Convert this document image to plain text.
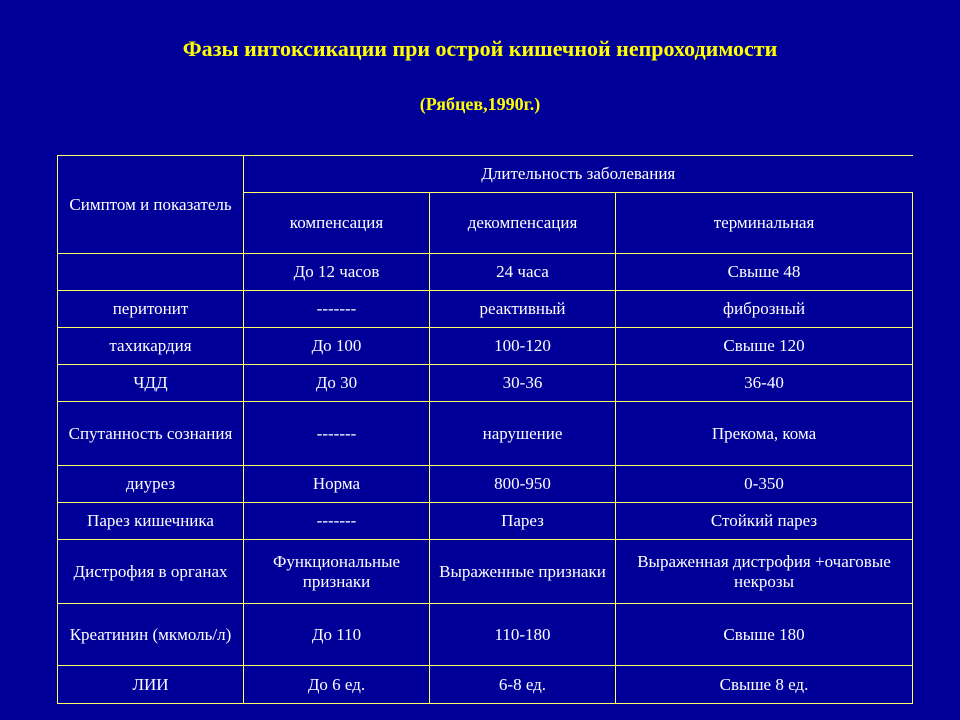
Фазы интоксикации при острой кишечной непроходимости
(Рябцев,1990г.)
Симптом и показатель	Длительность заболевания		
	компенсация	декомпенсация	терминальная
	До 12 часов	24 часа	Свыше 48
перитонит	-------	реактивный	фиброзный
тахикардия	До 100	100-120	Свыше 120
ЧДД	До 30	30-36	36-40
Спутанность сознания	-------	нарушение	Прекома, кома
диурез	Норма	800-950	0-350
Парез кишечника	-------	Парез	Стойкий парез
Дистрофия в органах	Функциональные признаки	Выраженные признаки	Выраженная дистрофия +очаговые некрозы
Креатинин (мкмоль/л)	До 110	110-180	Свыше 180
ЛИИ	До 6 ед.	6-8 ед.	Свыше 8 ед.
